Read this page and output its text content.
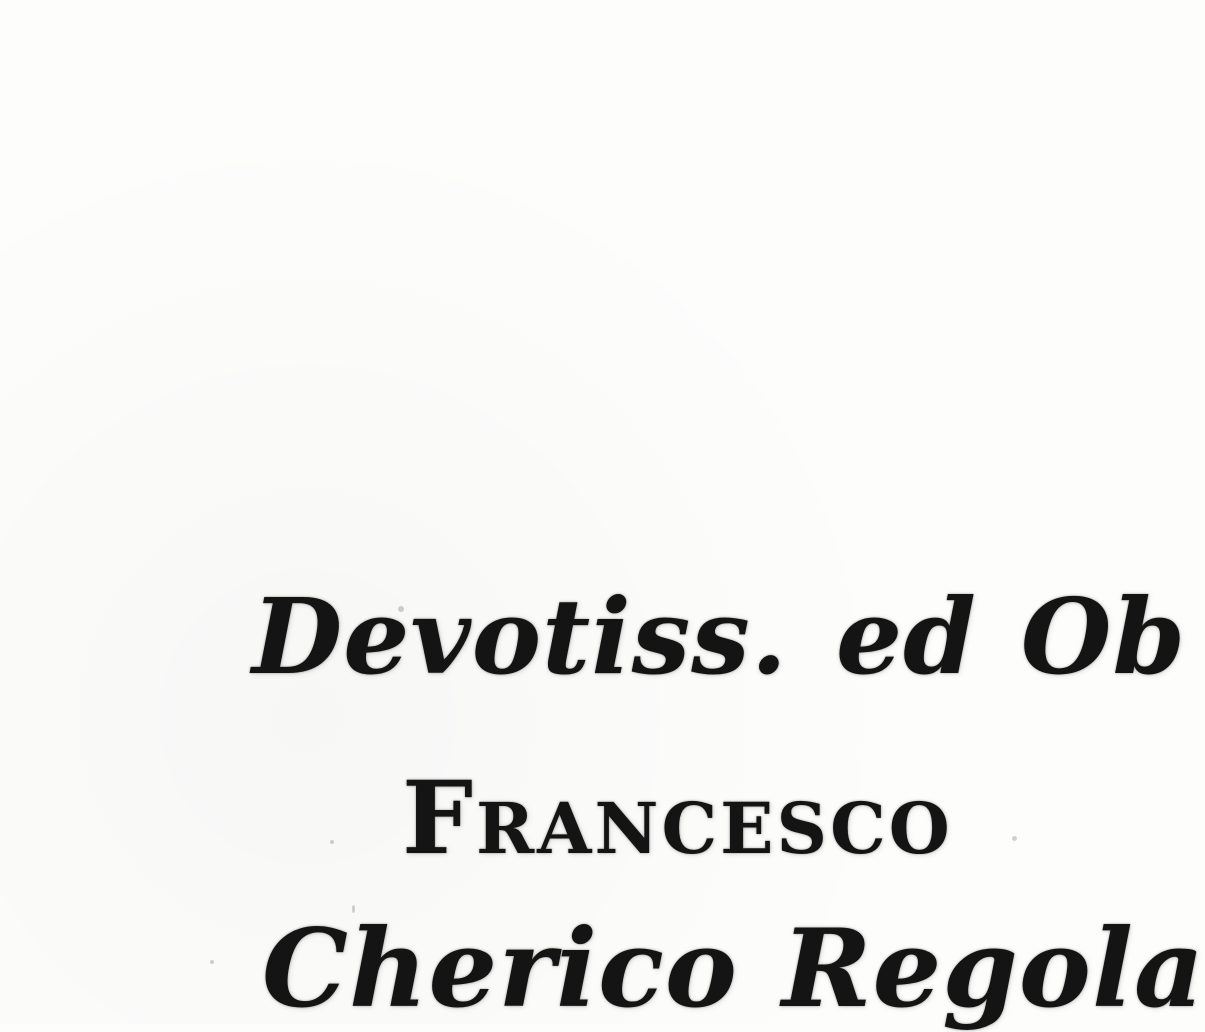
Devotiss. ed Ob
Francesco
Cherico Regola
